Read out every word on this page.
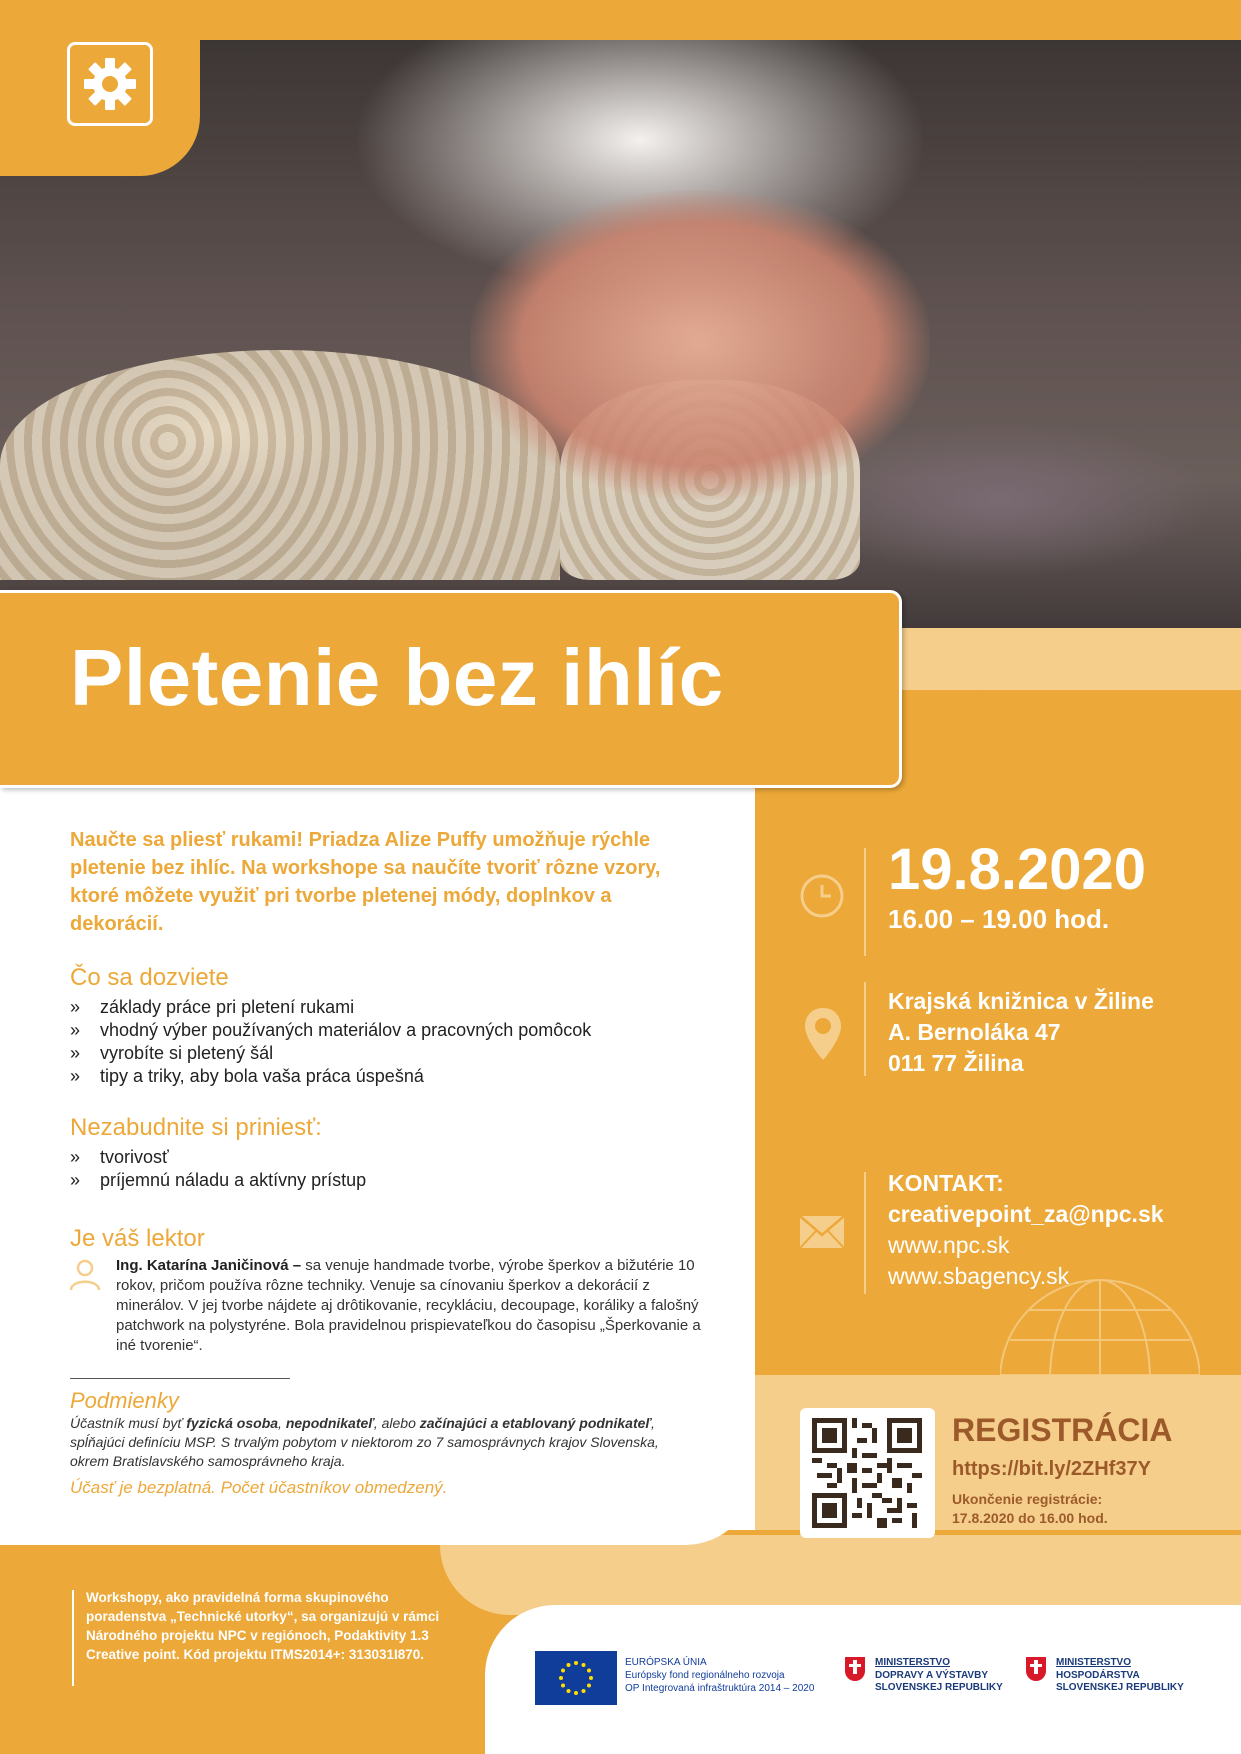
Pletenie bez ihlíc
Naučte sa pliesť rukami! Priadza Alize Puffy umožňuje rýchle pletenie bez ihlíc. Na workshope sa naučíte tvoriť rôzne vzory, ktoré môžete využiť pri tvorbe pletenej módy, doplnkov a dekorácií.
Čo sa dozviete
»	základy práce pri pletení rukami
»	vhodný výber používaných materiálov a pracovných pomôcok
»	vyrobíte si pletený šál
»	tipy a triky, aby bola vaša práca úspešná
Nezabudnite si priniesť:
»	tvorivosť
»	príjemnú náladu a aktívny prístup
Je váš lektor
Ing. Katarína Janičinová – sa venuje handmade tvorbe, výrobe šperkov a bižutérie 10 rokov, pričom používa rôzne techniky. Venuje sa cínovaniu šperkov a dekorácií z minerálov. V jej tvorbe nájdete aj drôtikovanie, recykláciu, decoupage, koráliky a falošný patchwork na polystyréne. Bola pravidelnou prispievateľkou do časopisu „Šperkovanie a iné tvorenie“.
Podmienky
Účastník musí byť fyzická osoba, nepodnikateľ, alebo začínajúci a etablovaný podnikateľ, spĺňajúci definíciu MSP. S trvalým pobytom v niektorom zo 7 samosprávnych krajov Slovenska, okrem Bratislavského samosprávneho kraja.
Účasť je bezplatná. Počet účastníkov obmedzený.
19.8.2020
16.00 – 19.00 hod.
Krajská knižnica v Žiline
A. Bernoláka 47
011 77 Žilina
KONTAKT:
creativepoint_za@npc.sk
www.npc.sk
www.sbagency.sk
REGISTRÁCIA
https://bit.ly/2ZHf37Y
Ukončenie registrácie:
17.8.2020 do 16.00 hod.
Workshopy, ako pravidelná forma skupinového poradenstva „Technické utorky“, sa organizujú v rámci Národného projektu NPC v regiónoch, Podaktivity 1.3 Creative point. Kód projektu ITMS2014+: 313031I870.
EURÓPSKA ÚNIA
Európsky fond regionálneho rozvoja
OP Integrovaná infraštruktúra 2014 – 2020
MINISTERSTVO
DOPRAVY A VÝSTAVBY
SLOVENSKEJ REPUBLIKY
MINISTERSTVO
HOSPODÁRSTVA
SLOVENSKEJ REPUBLIKY
